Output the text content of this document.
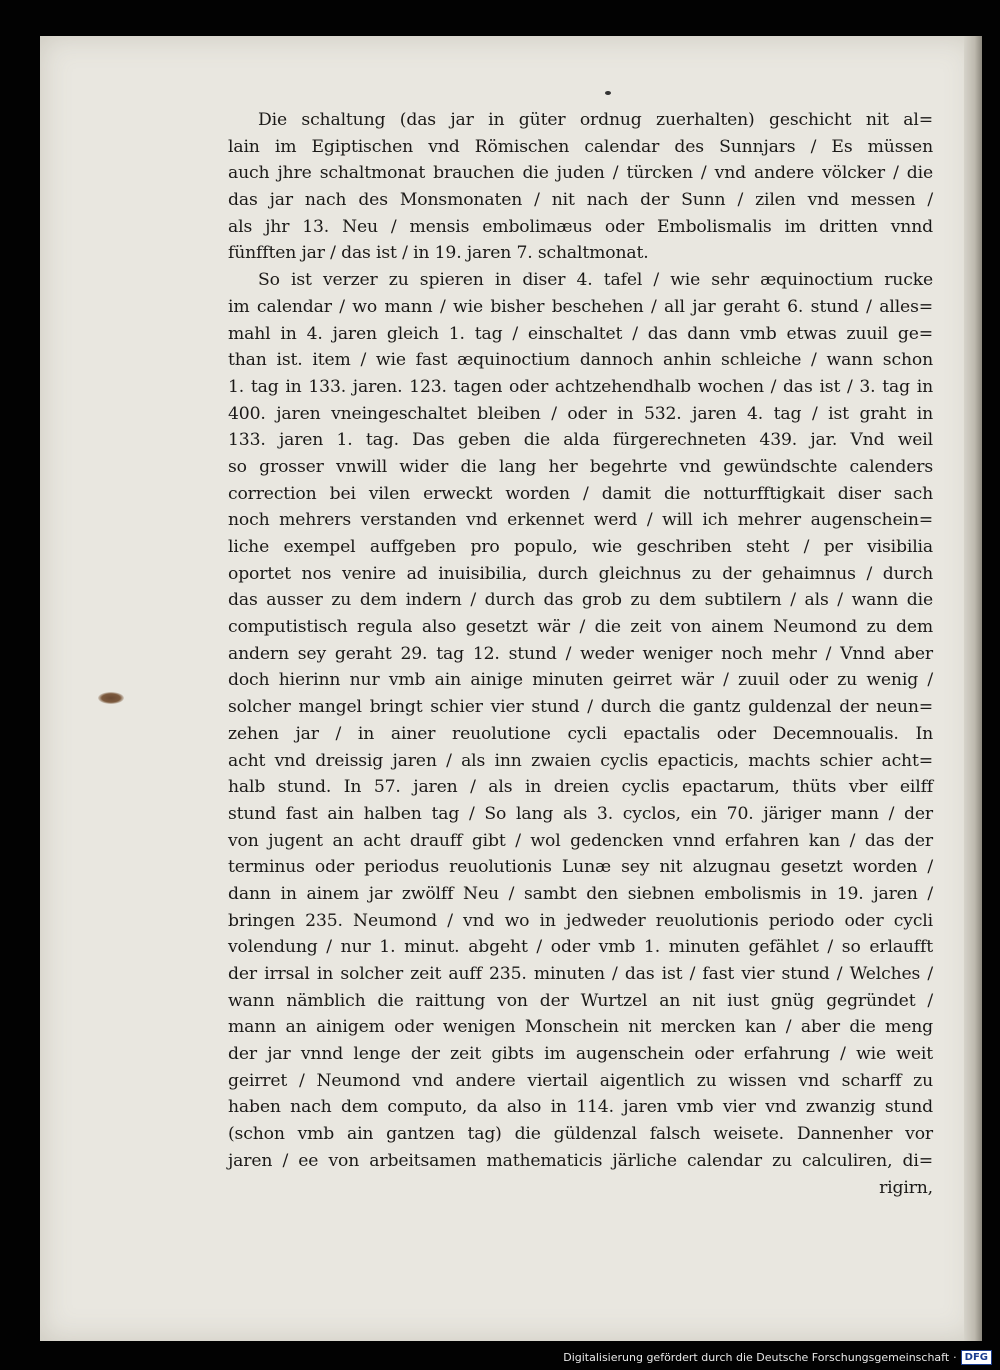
Die schaltung (das jar in güter ordnug zuerhalten) geschicht nit al=
lain im Egiptischen vnd Römischen calendar des Sunnjars / Es müssen
auch jhre schaltmonat brauchen die juden / türcken / vnd andere völcker / die
das jar nach des Monsmonaten / nit nach der Sunn / zilen vnd messen /
als jhr 13. Neu / mensis embolimæus oder Embolismalis im dritten vnnd
fünfften jar / das ist / in 19. jaren 7. schaltmonat.
So ist verzer zu spieren in diser 4. tafel / wie sehr æquinoctium rucke
im calendar / wo mann / wie bisher beschehen / all jar geraht 6. stund / alles=
mahl in 4. jaren gleich 1. tag / einschaltet / das dann vmb etwas zuuil ge=
than ist. item / wie fast æquinoctium dannoch anhin schleiche / wann schon
1. tag in 133. jaren. 123. tagen oder achtzehendhalb wochen / das ist / 3. tag in
400. jaren vneingeschaltet bleiben / oder in 532. jaren 4. tag / ist graht in
133. jaren 1. tag. Das geben die alda fürgerechneten 439. jar. Vnd weil
so grosser vnwill wider die lang her begehrte vnd gewündschte calenders
correction bei vilen erweckt worden / damit die notturfftigkait diser sach
noch mehrers verstanden vnd erkennet werd / will ich mehrer augenschein=
liche exempel auffgeben pro populo, wie geschriben steht / per visibilia
oportet nos venire ad inuisibilia, durch gleichnus zu der gehaimnus / durch
das ausser zu dem indern / durch das grob zu dem subtilern / als / wann die
computistisch regula also gesetzt wär / die zeit von ainem Neumond zu dem
andern sey geraht 29. tag 12. stund / weder weniger noch mehr / Vnnd aber
doch hierinn nur vmb ain ainige minuten geirret wär / zuuil oder zu wenig /
solcher mangel bringt schier vier stund / durch die gantz guldenzal der neun=
zehen jar / in ainer reuolutione cycli epactalis oder Decemnoualis. In
acht vnd dreissig jaren / als inn zwaien cyclis epacticis, machts schier acht=
halb stund. In 57. jaren / als in dreien cyclis epactarum, thüts vber eilff
stund fast ain halben tag / So lang als 3. cyclos, ein 70. järiger mann / der
von jugent an acht drauff gibt / wol gedencken vnnd erfahren kan / das der
terminus oder periodus reuolutionis Lunæ sey nit alzugnau gesetzt worden /
dann in ainem jar zwölff Neu / sambt den siebnen embolismis in 19. jaren /
bringen 235. Neumond / vnd wo in jedweder reuolutionis periodo oder cycli
volendung / nur 1. minut. abgeht / oder vmb 1. minuten gefählet / so erlaufft
der irrsal in solcher zeit auff 235. minuten / das ist / fast vier stund / Welches /
wann nämblich die raittung von der Wurtzel an nit iust gnüg gegründet /
mann an ainigem oder wenigen Monschein nit mercken kan / aber die meng
der jar vnnd lenge der zeit gibts im augenschein oder erfahrung / wie weit
geirret / Neumond vnd andere viertail aigentlich zu wissen vnd scharff zu
haben nach dem computo, da also in 114. jaren vmb vier vnd zwanzig stund
(schon vmb ain gantzen tag) die güldenzal falsch weisete. Dannenher vor
jaren / ee von arbeitsamen mathematicis järliche calendar zu calculiren, di=
rigirn,
Digitalisierung gefördert durch die Deutsche Forschungsgemeinschaft · DFG
